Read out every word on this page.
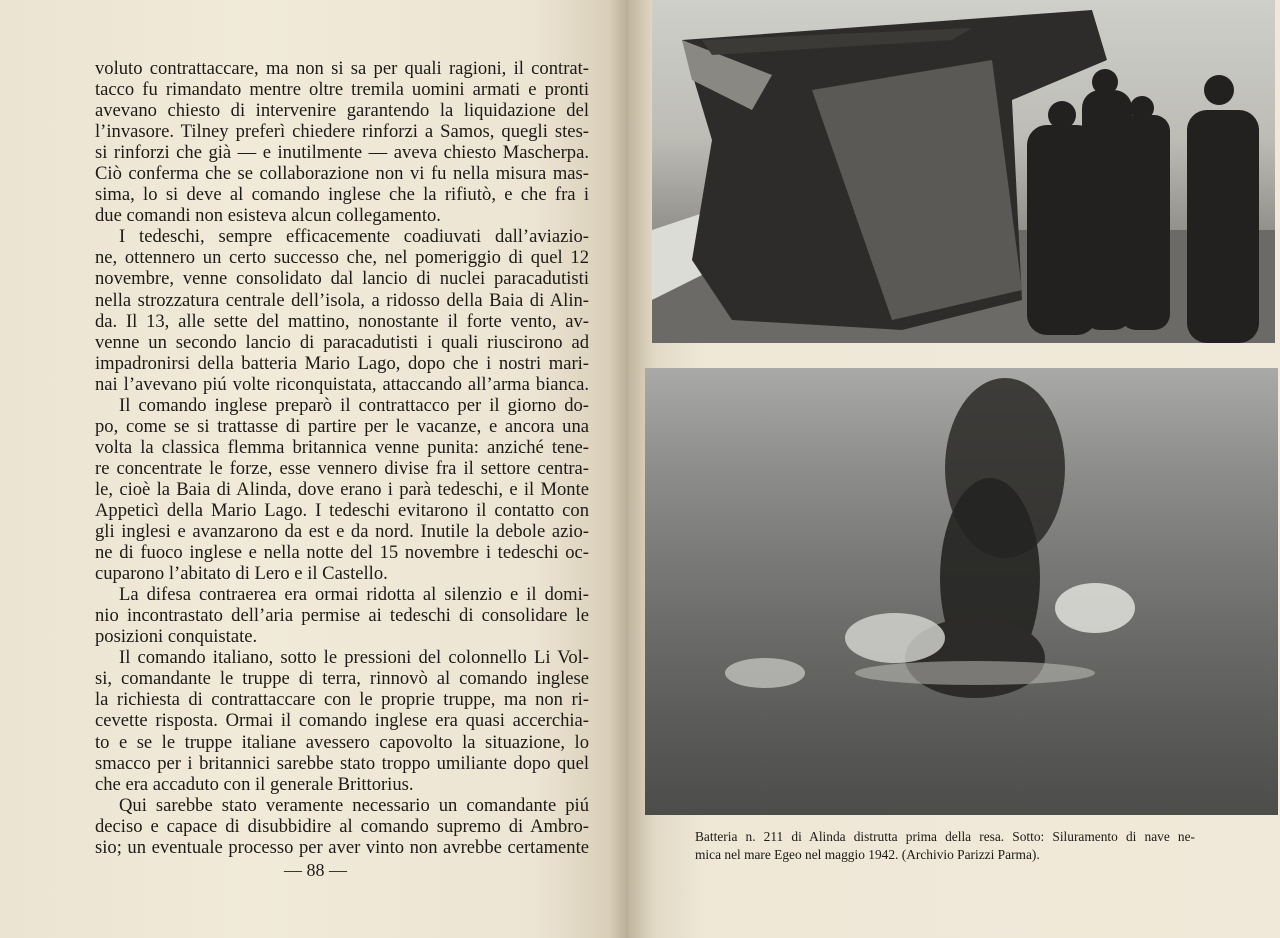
voluto contrattaccare, ma non si sa per quali ragioni, il contrat-
tacco fu rimandato mentre oltre tremila uomini armati e pronti
avevano chiesto di intervenire garantendo la liquidazione del
l’invasore. Tilney preferì chiedere rinforzi a Samos, quegli stes-
si rinforzi che già — e inutilmente — aveva chiesto Mascherpa.
Ciò conferma che se collaborazione non vi fu nella misura mas-
sima, lo si deve al comando inglese che la rifiutò, e che fra i
due comandi non esisteva alcun collegamento.
I tedeschi, sempre efficacemente coadiuvati dall’aviazio-
ne, ottennero un certo successo che, nel pomeriggio di quel 12
novembre, venne consolidato dal lancio di nuclei paracadutisti
nella strozzatura centrale dell’isola, a ridosso della Baia di Alin-
da. Il 13, alle sette del mattino, nonostante il forte vento, av-
venne un secondo lancio di paracadutisti i quali riuscirono ad
impadronirsi della batteria Mario Lago, dopo che i nostri mari-
nai l’avevano piú volte riconquistata, attaccando all’arma bianca.
Il comando inglese preparò il contrattacco per il giorno do-
po, come se si trattasse di partire per le vacanze, e ancora una
volta la classica flemma britannica venne punita: anziché tene-
re concentrate le forze, esse vennero divise fra il settore centra-
le, cioè la Baia di Alinda, dove erano i parà tedeschi, e il Monte
Appeticì della Mario Lago. I tedeschi evitarono il contatto con
gli inglesi e avanzarono da est e da nord. Inutile la debole azio-
ne di fuoco inglese e nella notte del 15 novembre i tedeschi oc-
cuparono l’abitato di Lero e il Castello.
La difesa contraerea era ormai ridotta al silenzio e il domi-
nio incontrastato dell’aria permise ai tedeschi di consolidare le
posizioni conquistate.
Il comando italiano, sotto le pressioni del colonnello Li Vol-
si, comandante le truppe di terra, rinnovò al comando inglese
la richiesta di contrattaccare con le proprie truppe, ma non ri-
cevette risposta. Ormai il comando inglese era quasi accerchia-
to e se le truppe italiane avessero capovolto la situazione, lo
smacco per i britannici sarebbe stato troppo umiliante dopo quel
che era accaduto con il generale Brittorius.
Qui sarebbe stato veramente necessario un comandante piú
deciso e capace di disubbidire al comando supremo di Ambro-
sio; un eventuale processo per aver vinto non avrebbe certamente
— 88 —
Batteria n. 211 di Alinda distrutta prima della resa. Sotto: Siluramento di nave ne-
mica nel mare Egeo nel maggio 1942. (Archivio Parizzi Parma).
